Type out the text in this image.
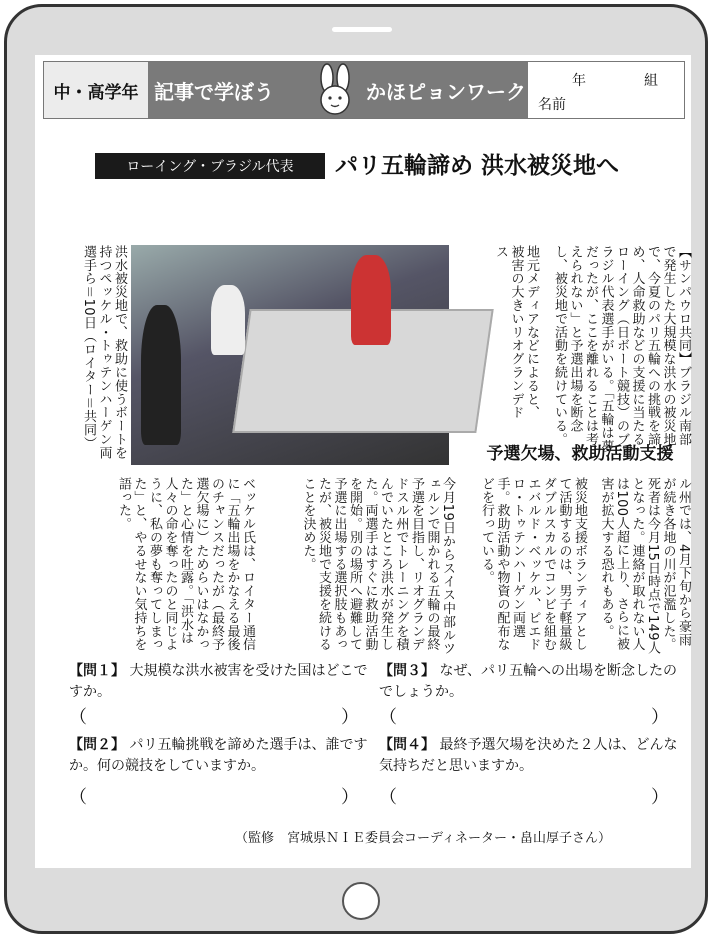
中・高学年 記事で学ぼう	かほピョンワーク	年	組
名前
ローイング・ブラジル代表	パリ五輪諦め 洪水被災地へ
洪水被災地で、救助に使うボートを持つペッケル・トゥテンハーゲン両選手ら＝10日（ロイター＝共同）	【サンパウロ共同】ブラジル南部で発生した大規模な洪水の被災地で、今夏のパリ五輪への挑戦を諦め、人命救助などの支援に当たるローイング（日ボート競技）のブラジル代表選手がいる。「五輪は夢だったが、ここを離れることは考えられない」と予選出場を断念し、被災地で活動を続けている。
地元メディアなどによると、被害の大きいリオグランデドス
予選欠場、救助活動支援
ル州では、4月下旬から豪雨が続き各地の川が氾濫した。死者は今月15日時点で149人となった。連絡が取れない人は100人超に上り、さらに被害が拡大する恐れもある。
被災地支援ボランティアとして活動するのは、男子軽量級ダブルスカルでコンビを組むエバルド・ベッケル、ピエドロ・トゥテンハーゲン両選手。救助活動や物資の配布などを行っている。
今月19日からスイス中部ルツェルンで開かれる五輪の最終予選を目指し、リオグランデドスル州でトレーニングを積んでいたところ洪水が発生した。両選手はすぐに救助活動を開始。別の場所へ避難して予選に出場する選択肢もあったが、被災地で支援を続けることを決めた。
ベッケル氏は、ロイター通信に「五輪出場をかなえる最後のチャンスだったが（最終予選欠場に）ためらいはなかった」と心情を吐露。「洪水は人々の命を奪ったのと同じように、私の夢も奪ってしまった」と、やるせない気持ちを語った。
【問１】 大規模な洪水被害を受けた国はどこですか。
（	）
【問２】 パリ五輪挑戦を諦めた選手は、誰ですか。何の競技をしていますか。
（	）
【問３】 なぜ、パリ五輪への出場を断念したのでしょうか。
（	）
【問４】 最終予選欠場を決めた２人は、どんな気持ちだと思いますか。
（	）
（監修　宮城県ＮＩＥ委員会コーディネーター・畠山厚子さん）
